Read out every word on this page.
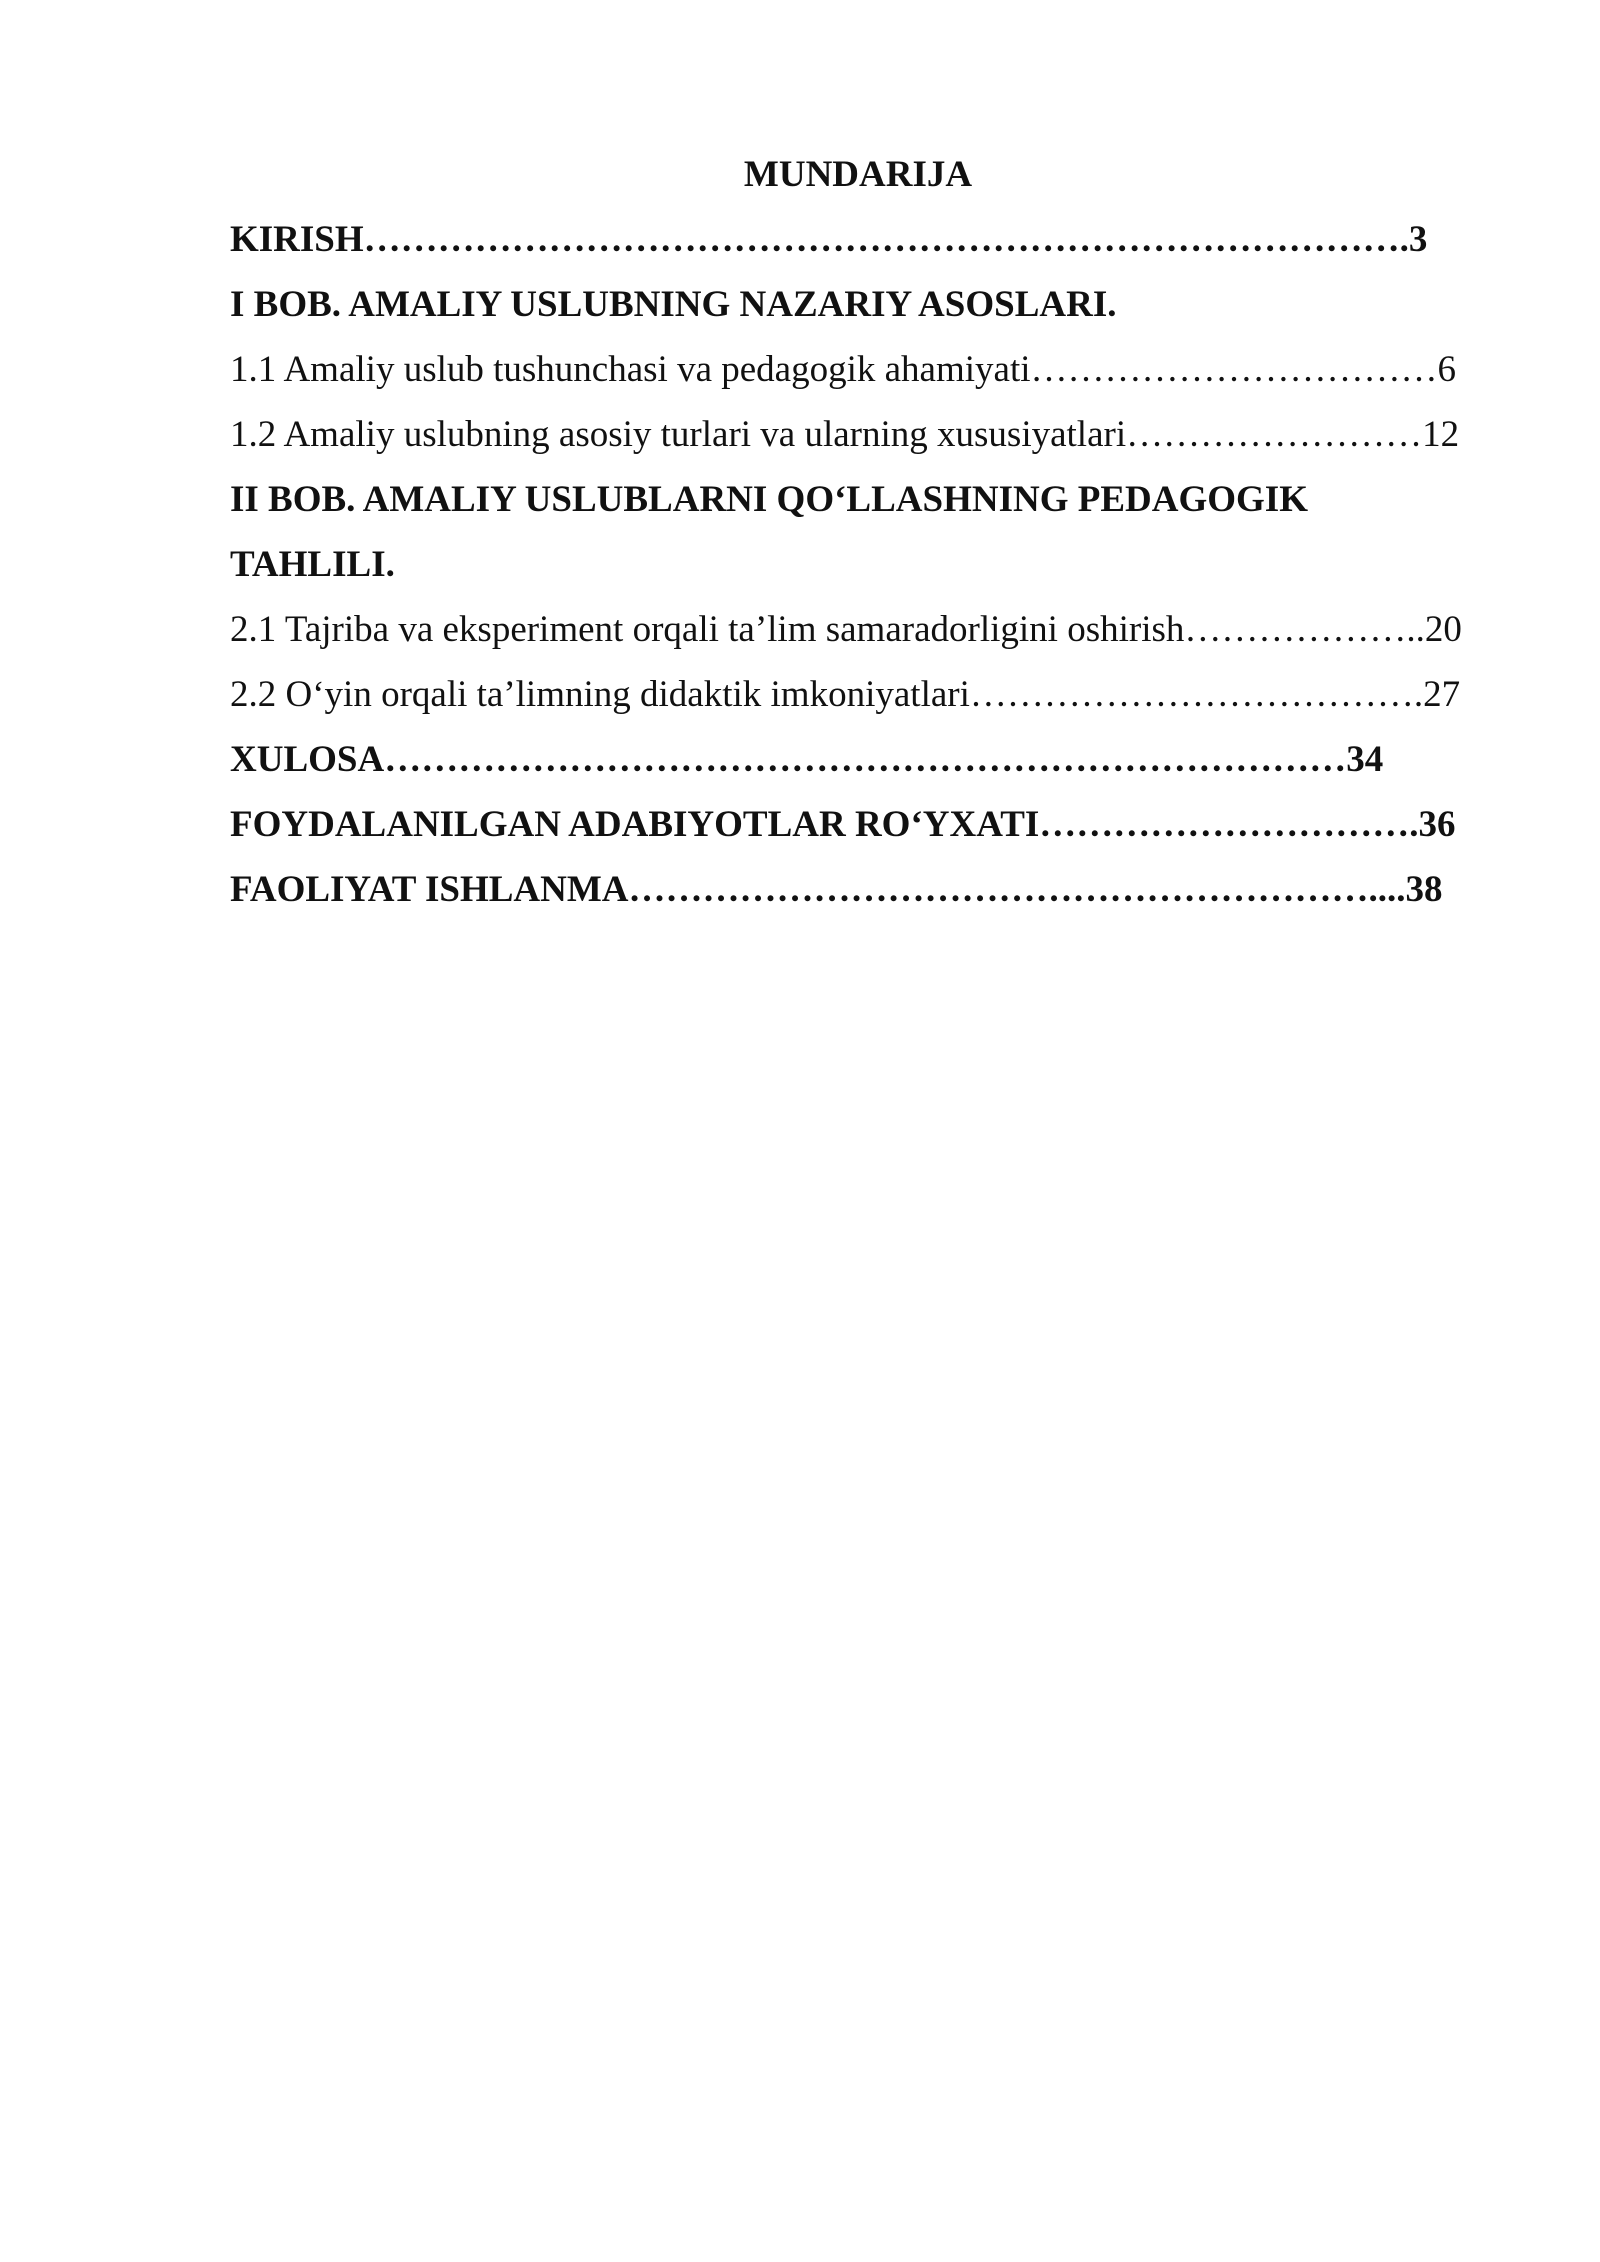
MUNDARIJA
KIRISH………………………………………………………………………….3
I BOB. AMALIY USLUBNING NAZARIY ASOSLARI.
1.1 Amaliy uslub tushunchasi va pedagogik ahamiyati……………………………6
1.2 Amaliy uslubning asosiy turlari va ularning xususiyatlari……………………12
II BOB. AMALIY USLUBLARNI QO‘LLASHNING PEDAGOGIK
TAHLILI.
2.1 Tajriba va eksperiment orqali ta’lim samaradorligini oshirish………………..20
2.2 O‘yin orqali ta’limning didaktik imkoniyatlari……………………………….27
XULOSA……………………………………………………………………34
FOYDALANILGAN ADABIYOTLAR RO‘YXATI………………………….36
FAOLIYAT ISHLANMA……………………………………………………....38
